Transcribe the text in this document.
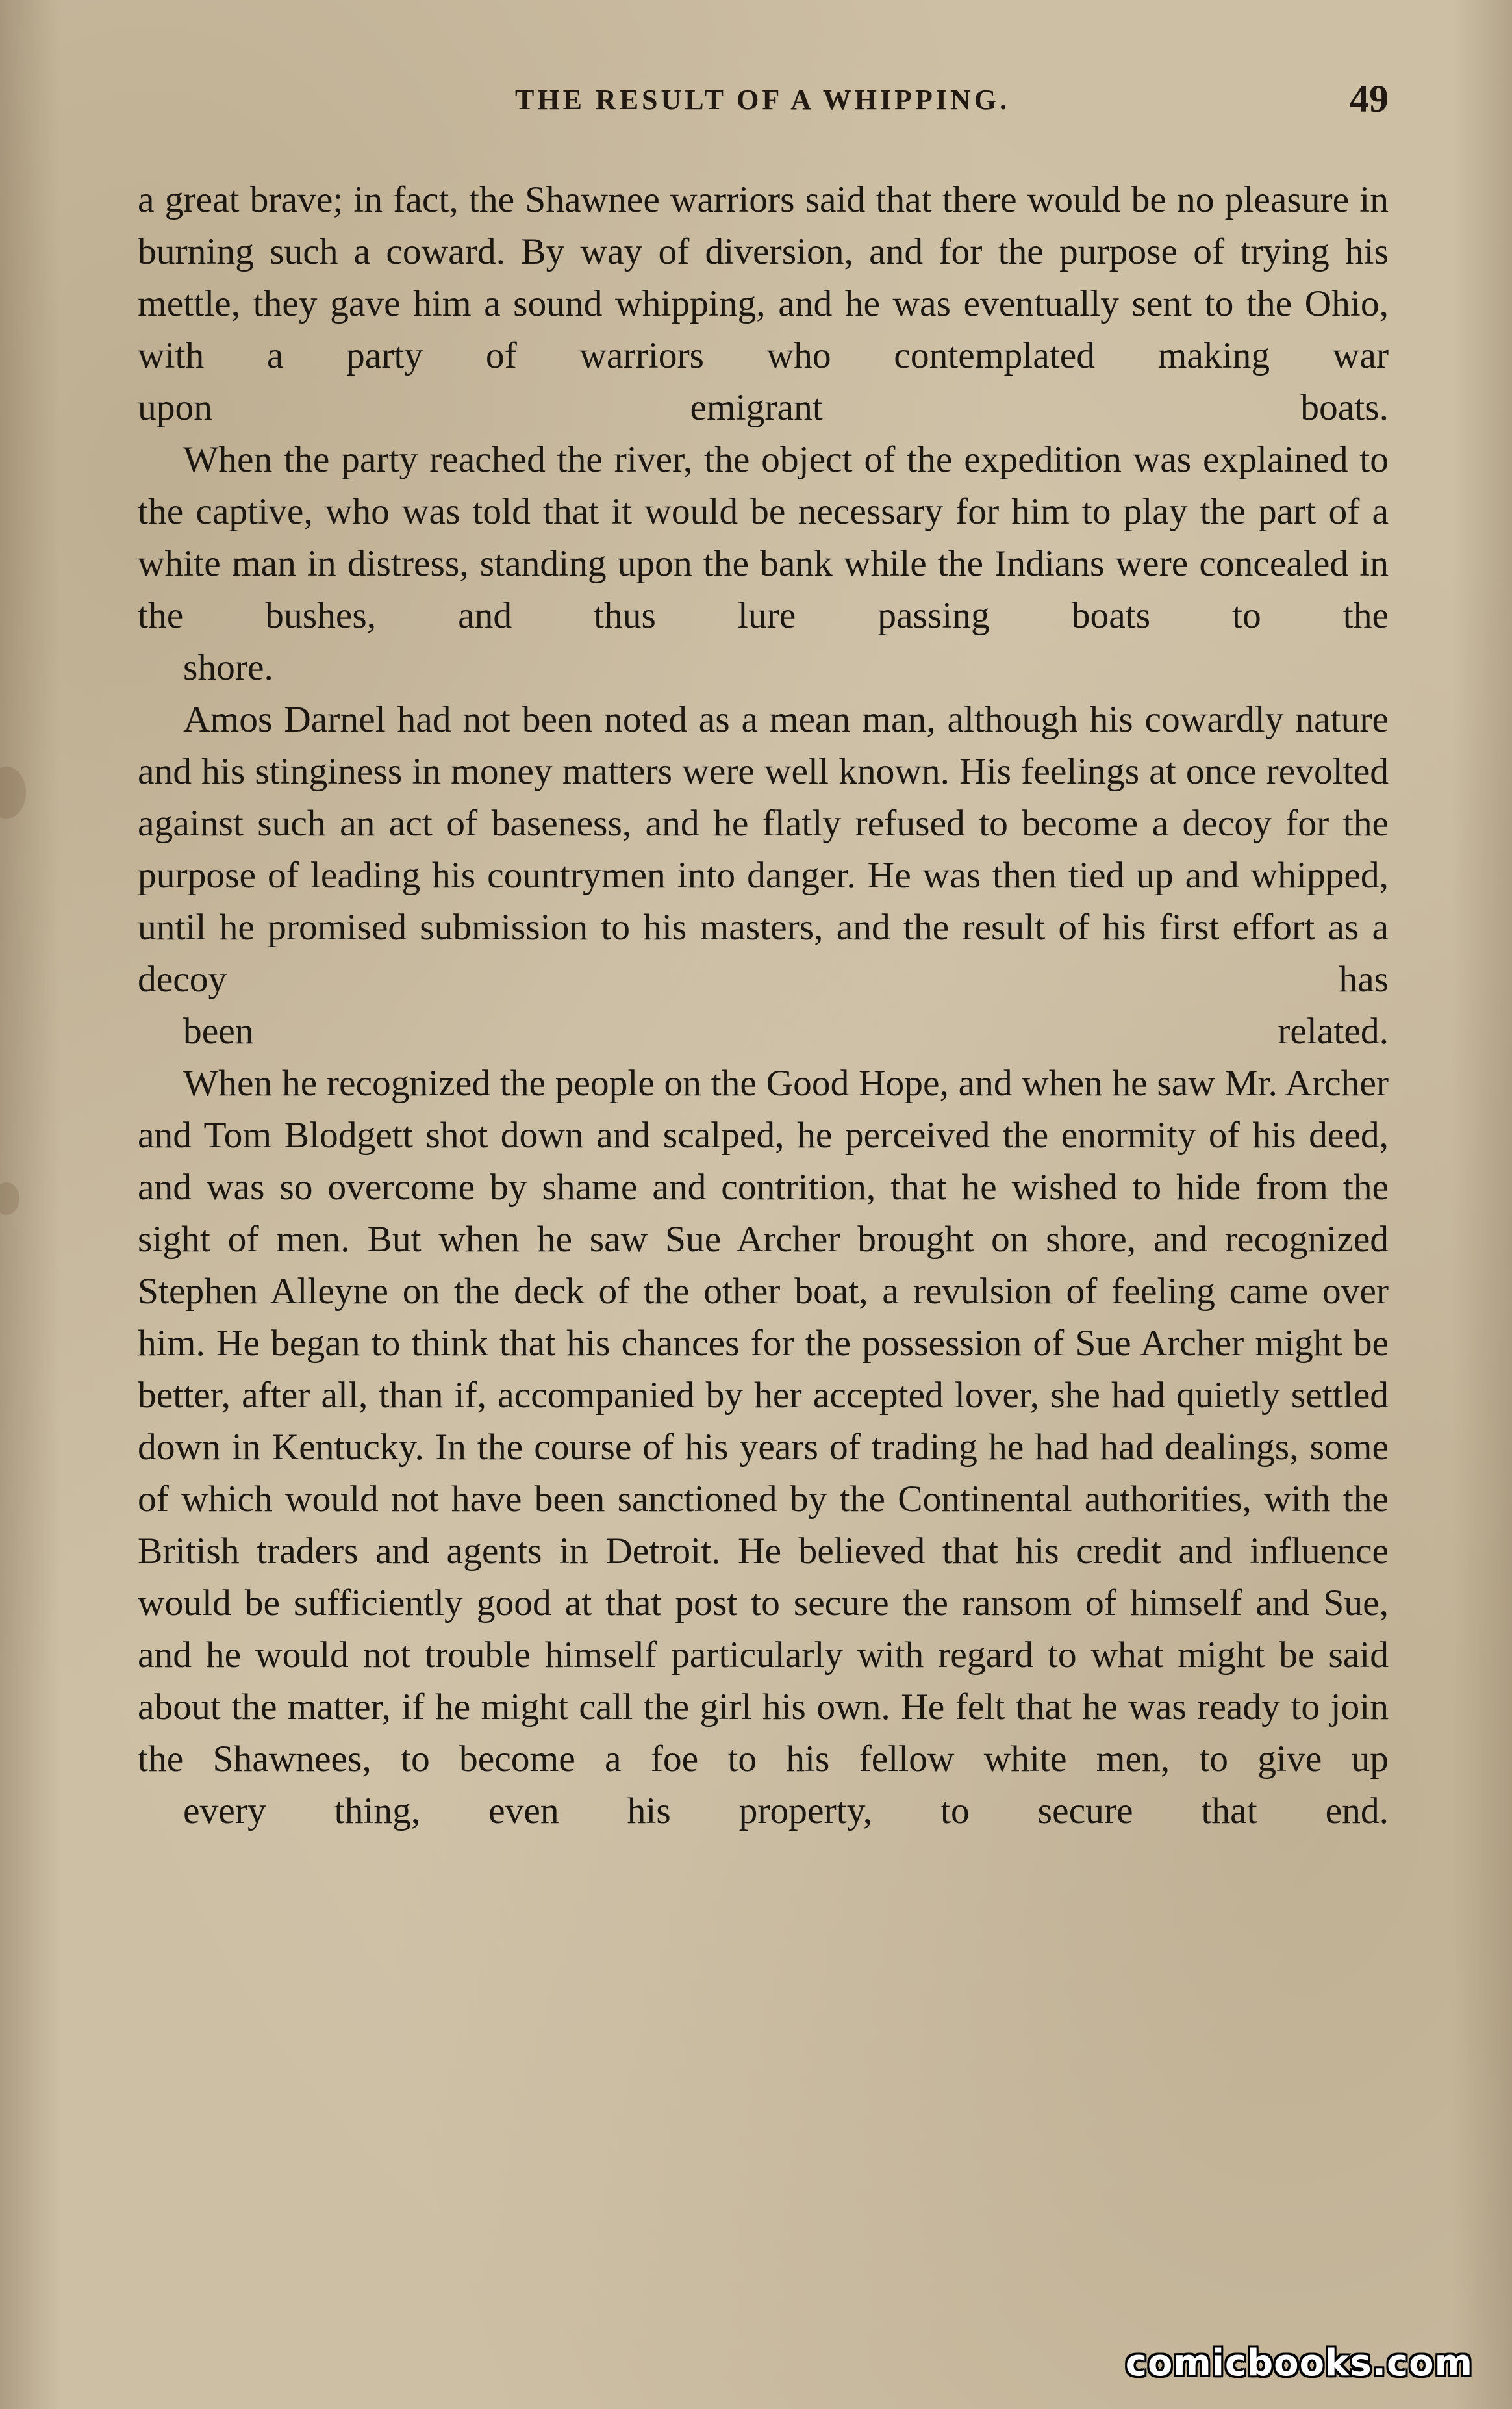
THE RESULT OF A WHIPPING.	49

a great brave; in fact, the Shawnee warriors said that there would be no pleasure in burning such a coward. By way of diversion, and for the purpose of trying his mettle, they gave him a sound whipping, and he was eventually sent to the Ohio, with a party of warriors who contemplated making war
upon emigrant boats.

When the party reached the river, the object of the expedition was explained to the captive, who was told that it would be necessary for him to play the part of a white man in distress, standing upon the bank while the Indians were concealed in the bushes, and thus lure passing boats to the
shore.

Amos Darnel had not been noted as a mean man, although his cowardly nature and his stinginess in money matters were well known. His feelings at once revolted against such an act of baseness, and he flatly refused to become a decoy for the purpose of leading his countrymen into danger. He was then tied up and whipped, until he promised submission to his masters, and the result of his first effort as a decoy has
been related.

When he recognized the people on the Good Hope, and when he saw Mr. Archer and Tom Blodgett shot down and scalped, he perceived the enormity of his deed, and was so overcome by shame and contrition, that he wished to hide from the sight of men. But when he saw Sue Archer brought on shore, and recognized Stephen Alleyne on the deck of the other boat, a revulsion of feeling came over him. He began to think that his chances for the possession of Sue Archer might be better, after all, than if, accompanied by her accepted lover, she had quietly settled down in Kentucky. In the course of his years of trading he had had dealings, some of which would not have been sanctioned by the Continental authorities, with the British traders and agents in Detroit. He believed that his credit and influence would be sufficiently good at that post to secure the ransom of himself and Sue, and he would not trouble himself particularly with regard to what might be said about the matter, if he might call the girl his own. He felt that he was ready to join the Shawnees, to become a foe to his fellow white men, to give up
every thing, even his property, to secure that end.

comicbooks.com
